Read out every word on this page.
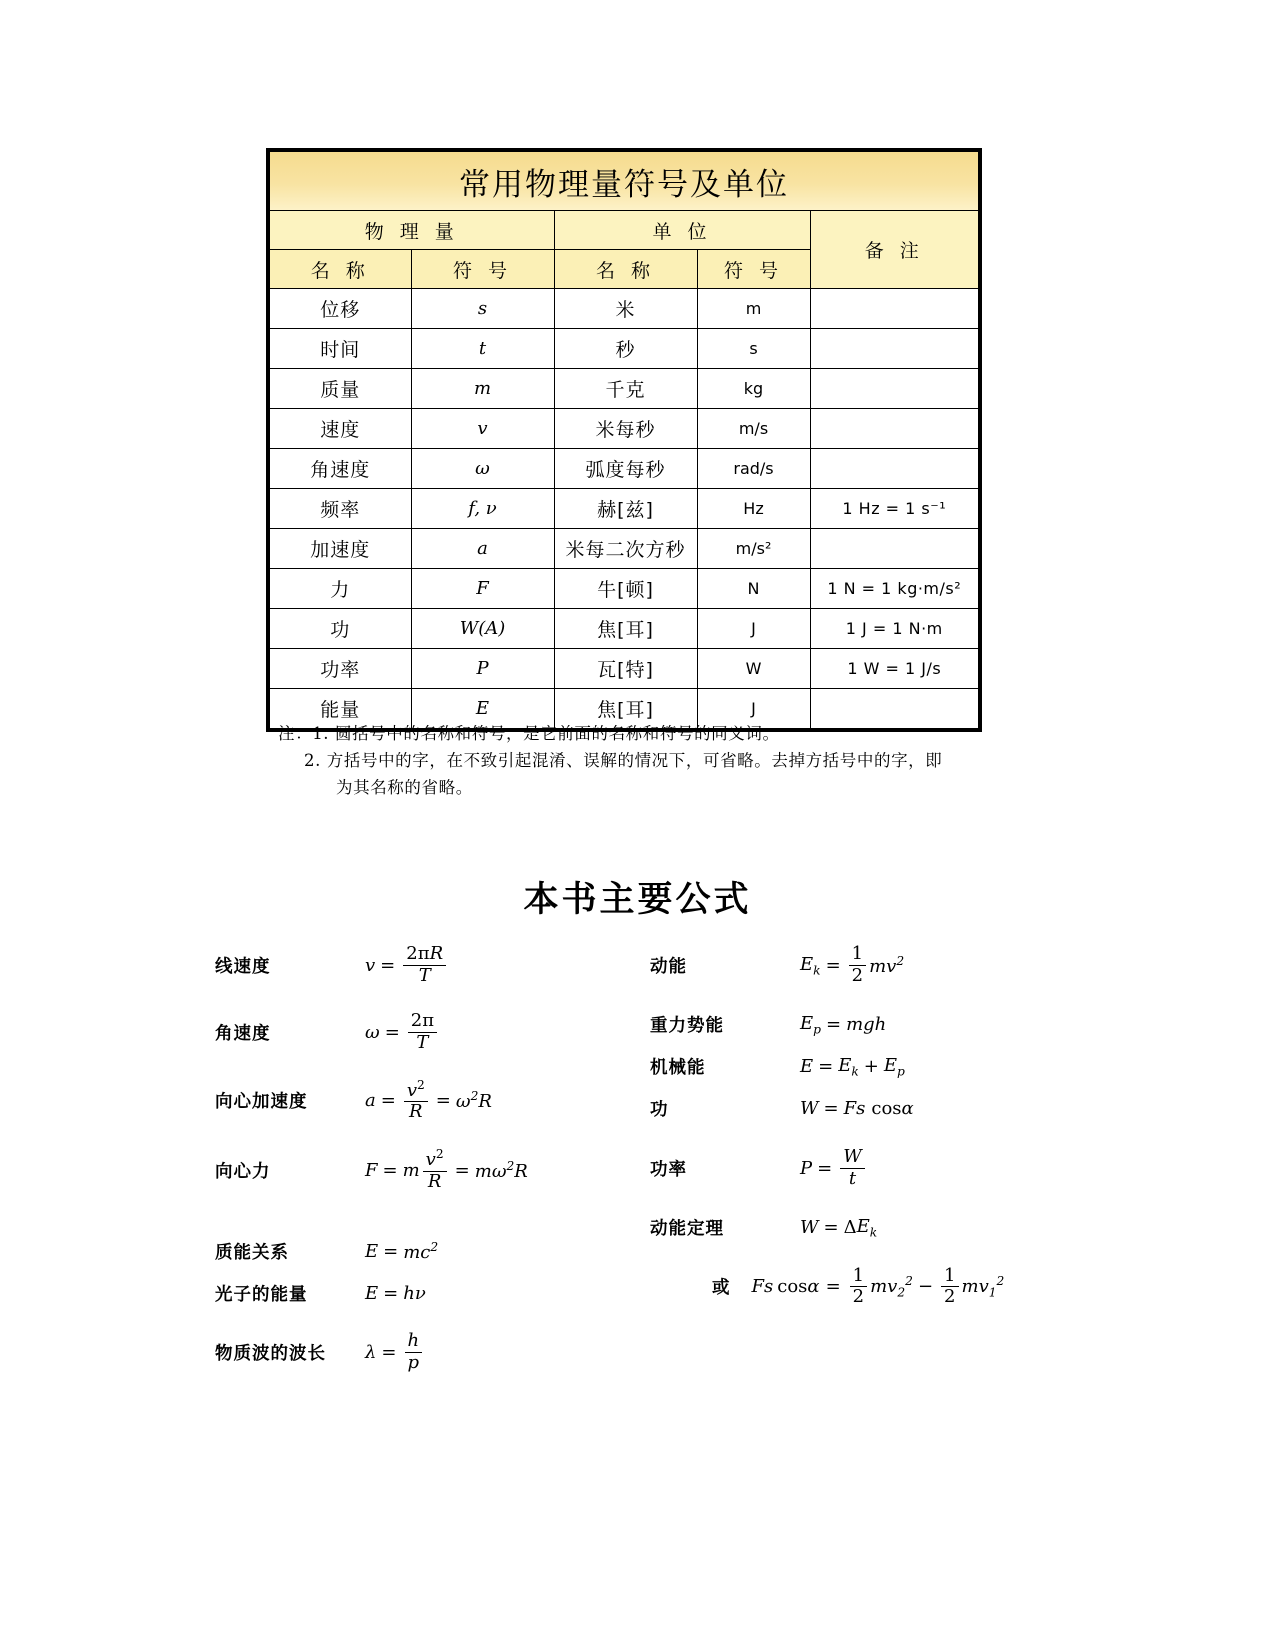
常用物理量符号及单位				
物 理 量		单 位		备 注
名 称	符 号	名 称	符 号	
位移	s	米	m	
时间	t	秒	s	
质量	m	千克	kg	
速度	v	米每秒	m/s	
角速度	ω	弧度每秒	rad/s	
频率	f, ν	赫[兹]	Hz	1 Hz = 1 s⁻¹
加速度	a	米每二次方秒	m/s²	
力	F	牛[顿]	N	1 N = 1 kg·m/s²
功	W(A)	焦[耳]	J	1 J = 1 N·m
功率	P	瓦[特]	W	1 W = 1 J/s
能量	E	焦[耳]	J	
注：1. 圆括号中的名称和符号，是它前面的名称和符号的同义词。
2. 方括号中的字，在不致引起混淆、误解的情况下，可省略。去掉方括号中的字，即
为其名称的省略。
本书主要公式
线速度	$v = \frac{2\pi R}{T}$
角速度	$\omega = \frac{2\pi}{T}$
向心加速度	$a = \frac{v^2}{R} = \omega^2R$
向心力	F = m $\frac{v^2}{R} = m\omega^2R$
质能关系	$E = mc^2$
光子的能量	E = hν
物质波的波长	$\lambda = \frac{h}{p}$
动能	$E_k = \frac{1}{2} mv^2$
重力势能	$E_p$ = mgh
机械能	$E = E_k + E_p$
功	W = Fs cos α
功率	$P = \frac{W}{t}$
动能定理	W = Δ $E_k$
或 Fs $\cos \alpha = \frac{1}{2} mv_2^2 - \frac{1}{2} mv_1^2$
